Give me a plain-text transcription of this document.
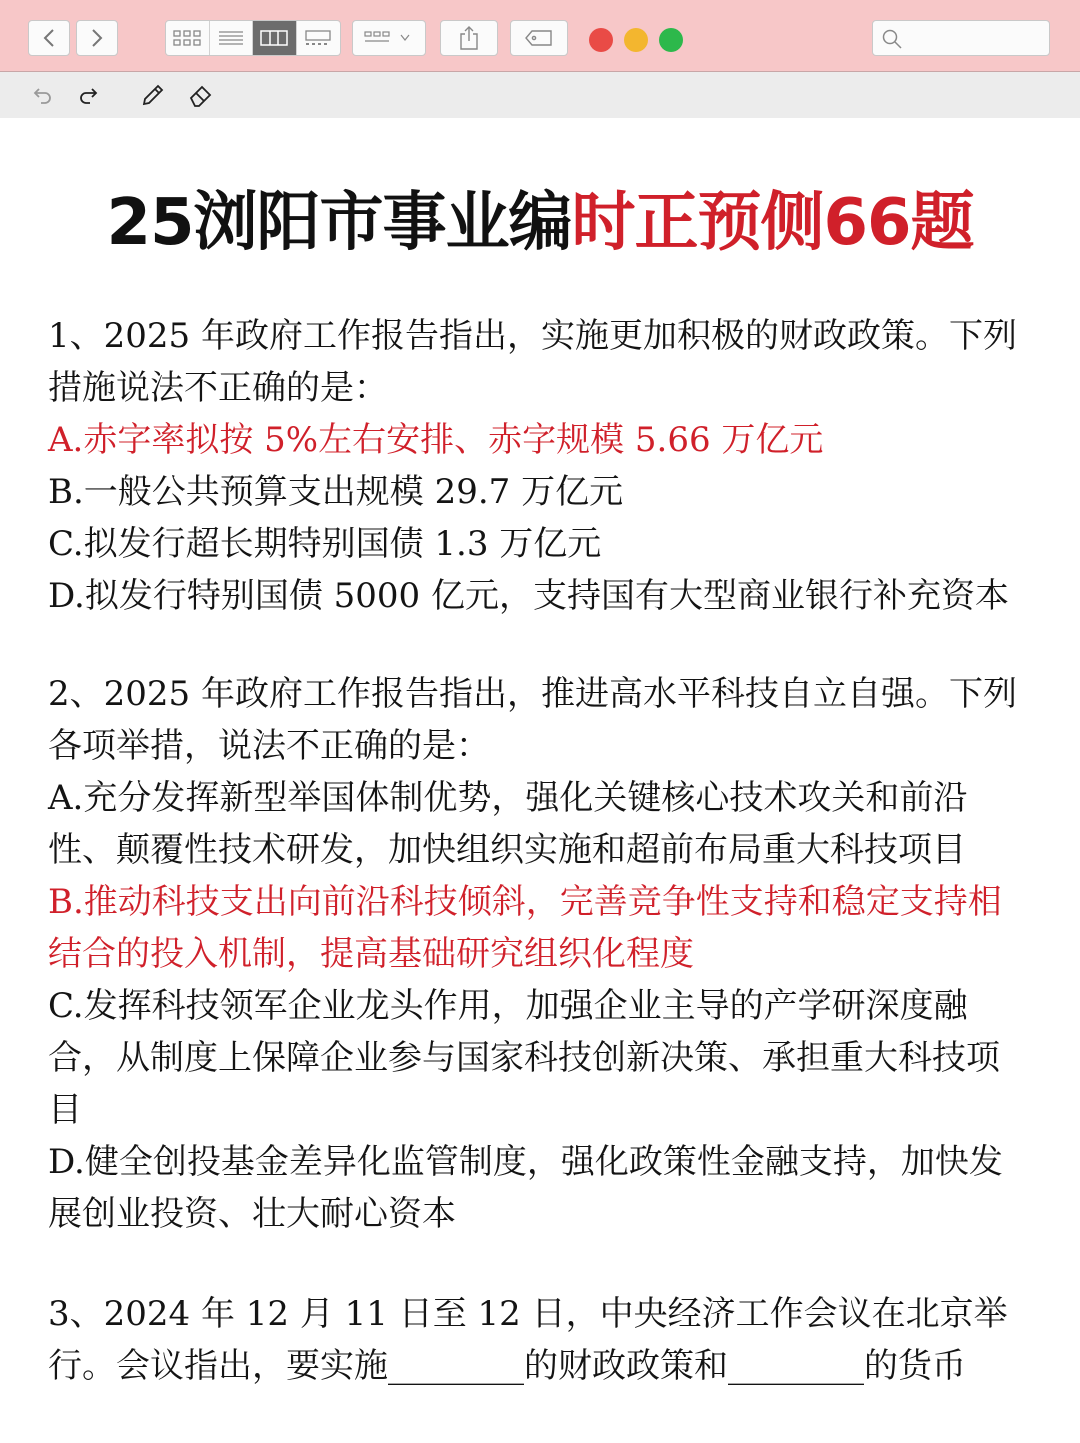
25浏阳市事业编时正预侧66题
1、2025 年政府工作报告指出，实施更加积极的财政政策。下列
措施说法不正确的是：
A.赤字率拟按 5%左右安排、赤字规模 5.66 万亿元
B.一般公共预算支出规模 29.7 万亿元
C.拟发行超长期特别国债 1.3 万亿元
D.拟发行特别国债 5000 亿元，支持国有大型商业银行补充资本
2、2025 年政府工作报告指出，推进高水平科技自立自强。下列
各项举措，说法不正确的是：
A.充分发挥新型举国体制优势，强化关键核心技术攻关和前沿
性、颠覆性技术研发，加快组织实施和超前布局重大科技项目
B.推动科技支出向前沿科技倾斜，完善竞争性支持和稳定支持相
结合的投入机制，提高基础研究组织化程度
C.发挥科技领军企业龙头作用，加强企业主导的产学研深度融
合，从制度上保障企业参与国家科技创新决策、承担重大科技项
目
D.健全创投基金差异化监管制度，强化政策性金融支持，加快发
展创业投资、壮大耐心资本
3、2024 年 12 月 11 日至 12 日，中央经济工作会议在北京举
行。会议指出，要实施________的财政政策和________的货币
